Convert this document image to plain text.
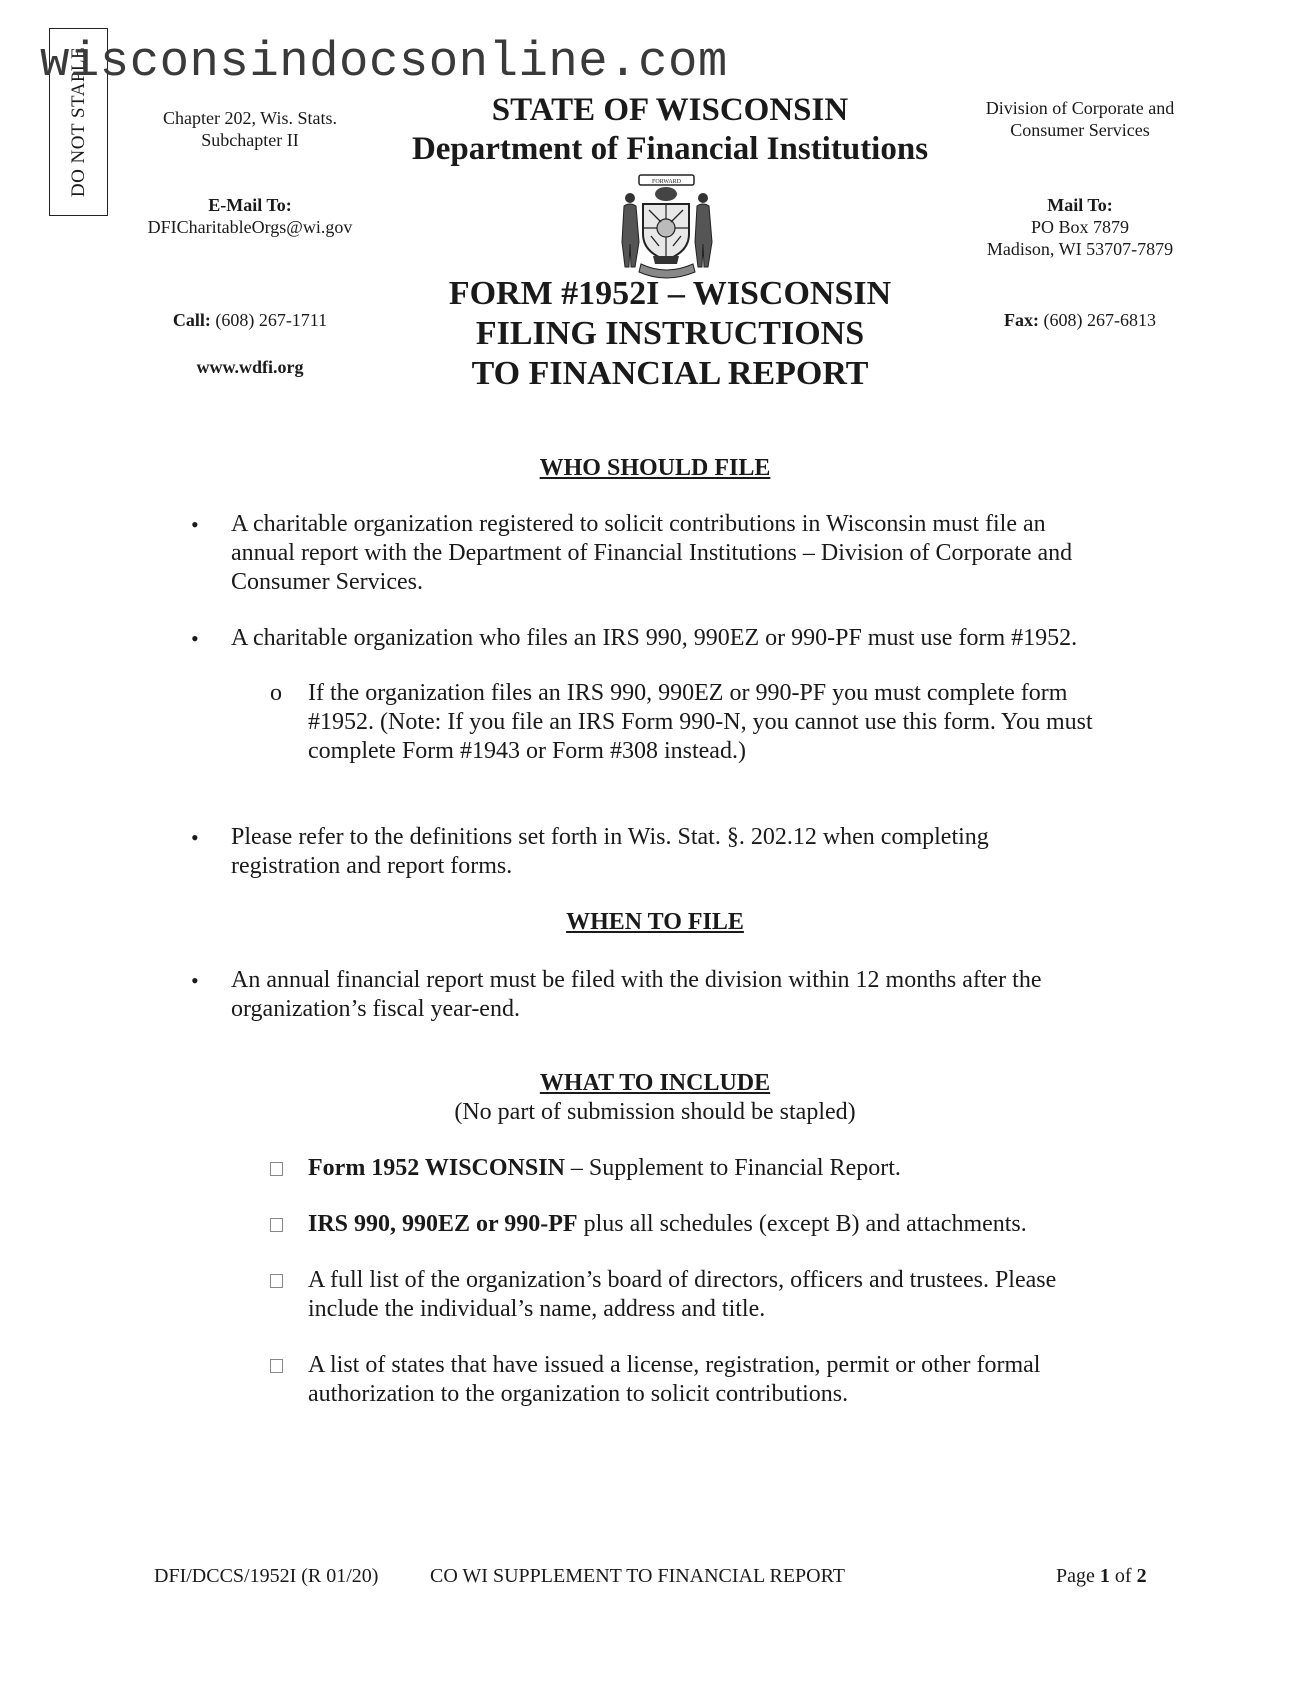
DO NOT STAPLE
wisconsindocsonline.com
Chapter 202, Wis. Stats.
Subchapter II
E-Mail To:
DFICharitableOrgs@wi.gov
Call: (608) 267-1711
www.wdfi.org
STATE OF WISCONSIN
Department of Financial Institutions
FORWARD
FORM #1952I – WISCONSIN
FILING INSTRUCTIONS
TO FINANCIAL REPORT
Division of Corporate and
Consumer Services
Mail To:
PO Box 7879
Madison, WI 53707-7879
Fax: (608) 267-6813
WHO SHOULD FILE
• A charitable organization registered to solicit contributions in Wisconsin must file an
annual report with the Department of Financial Institutions – Division of Corporate and
Consumer Services.
• A charitable organization who files an IRS 990, 990EZ or 990-PF must use form #1952.
o If the organization files an IRS 990, 990EZ or 990-PF you must complete form
#1952. (Note: If you file an IRS Form 990-N, you cannot use this form. You must
complete Form #1943 or Form #308 instead.)
• Please refer to the definitions set forth in Wis. Stat. §. 202.12 when completing
registration and report forms.
WHEN TO FILE
• An annual financial report must be filed with the division within 12 months after the
organization’s fiscal year-end.
WHAT TO INCLUDE
(No part of submission should be stapled)
Form 1952 WISCONSIN – Supplement to Financial Report.
IRS 990, 990EZ or 990-PF plus all schedules (except B) and attachments.
A full list of the organization’s board of directors, officers and trustees. Please
include the individual’s name, address and title.
A list of states that have issued a license, registration, permit or other formal
authorization to the organization to solicit contributions.
DFI/DCCS/1952I (R 01/20)	CO WI SUPPLEMENT TO FINANCIAL REPORT	Page 1 of 2
